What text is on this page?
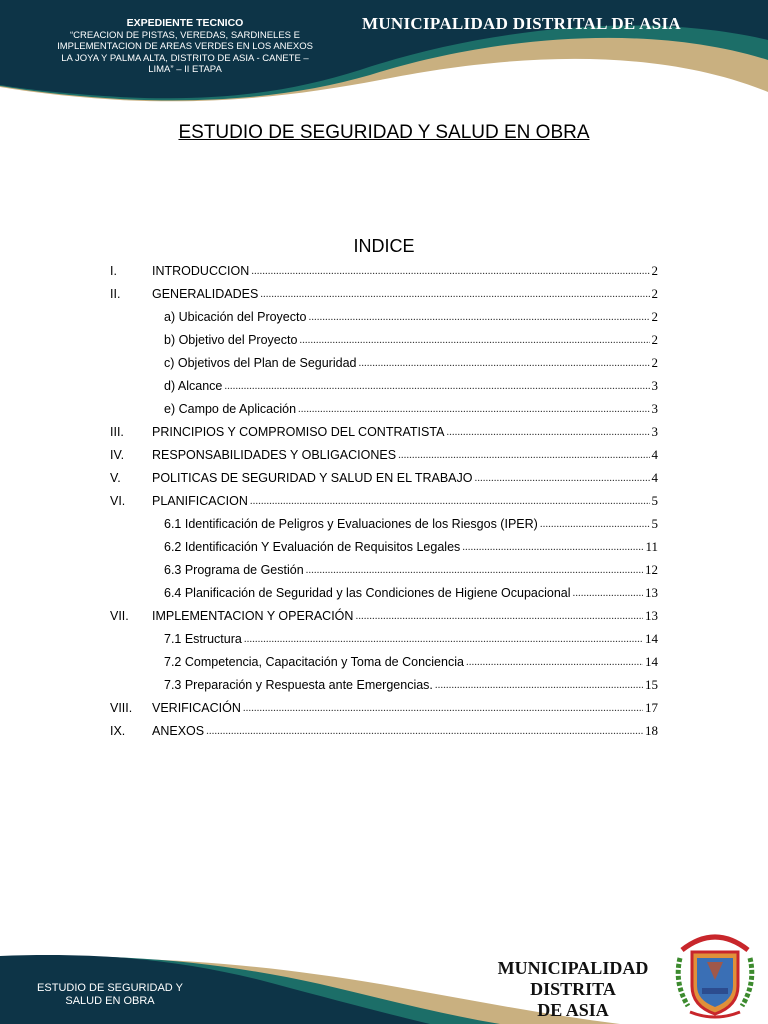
EXPEDIENTE TECNICO
“CREACION DE PISTAS, VEREDAS, SARDINELES E
IMPLEMENTACION DE AREAS VERDES EN LOS ANEXOS
LA JOYA Y PALMA ALTA, DISTRITO DE ASIA - CANETE –
LIMA” – II ETAPA
MUNICIPALIDAD DISTRITAL DE ASIA
ESTUDIO DE SEGURIDAD Y SALUD EN OBRA
INDICE
I.	INTRODUCCION .....	2
II.	GENERALIDADES .....	2
a) Ubicación del Proyecto .....	2
b) Objetivo del Proyecto .....	2
c) Objetivos del Plan de Seguridad .....	2
d) Alcance .....	3
e) Campo de Aplicación .....	3
III.	PRINCIPIOS Y COMPROMISO DEL CONTRATISTA .....	3
IV.	RESPONSABILIDADES Y OBLIGACIONES .....	4
V.	POLITICAS DE SEGURIDAD Y SALUD EN EL TRABAJO .....	4
VI.	PLANIFICACION .....	5
6.1 Identificación de Peligros y Evaluaciones de los Riesgos (IPER) .....	5
6.2 Identificación Y Evaluación de Requisitos Legales .....	11
6.3 Programa de Gestión .....	12
6.4 Planificación de Seguridad y las Condiciones de Higiene Ocupacional .....	13
VII.	IMPLEMENTACION Y OPERACIÓN .....	13
7.1 Estructura .....	14
7.2 Competencia, Capacitación y Toma de Conciencia .....	14
7.3 Preparación y Respuesta ante Emergencias. .....	15
VIII.	VERIFICACIÓN .....	17
IX.	ANEXOS .....	18
ESTUDIO DE SEGURIDAD Y
SALUD EN OBRA
MUNICIPALIDAD
DISTRITA
DE ASIA
